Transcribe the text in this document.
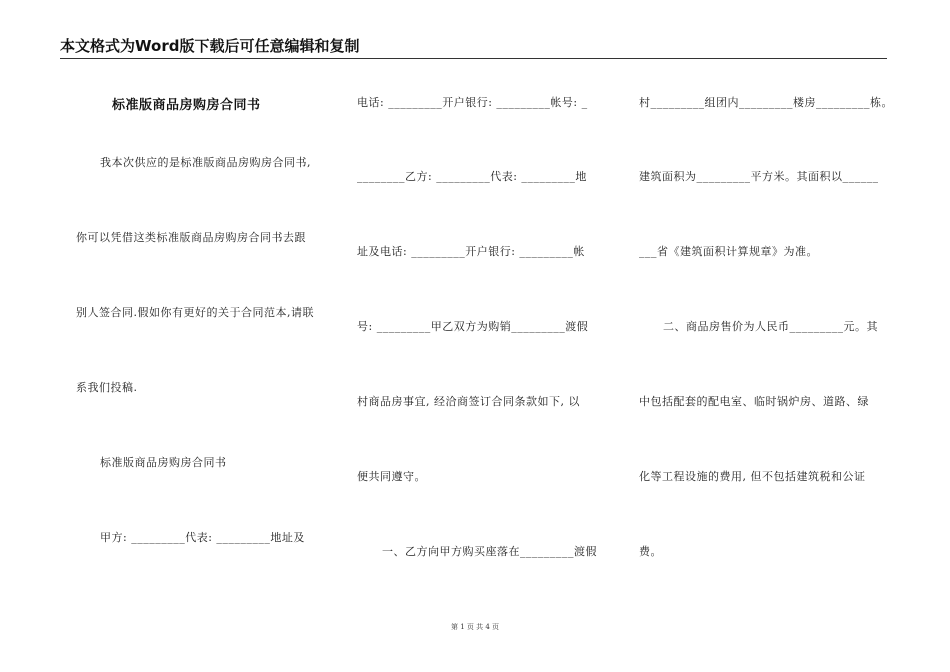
本文格式为Word版下载后可任意编辑和复制
标准版商品房购房合同书
我本次供应的是标准版商品房购房合同书,
你可以凭借这类标准版商品房购房合同书去跟
别人签合同.假如你有更好的关于合同范本,请联
系我们投稿.
标准版商品房购房合同书
甲方: _________代表: _________地址及
电话: _________开户银行: _________帐号: _
________乙方: _________代表: _________地
址及电话: _________开户银行: _________帐
号: _________甲乙双方为购销_________渡假
村商品房事宜, 经洽商签订合同条款如下, 以
便共同遵守。
一、乙方向甲方购买座落在_________渡假
村_________组团内_________楼房_________栋。
建筑面积为_________平方米。其面积以______
___省《建筑面积计算规章》为准。
二、商品房售价为人民币_________元。其
中包括配套的配电室、临时锅炉房、道路、绿
化等工程设施的费用, 但不包括建筑税和公证
费。
第 1 页 共 4 页
